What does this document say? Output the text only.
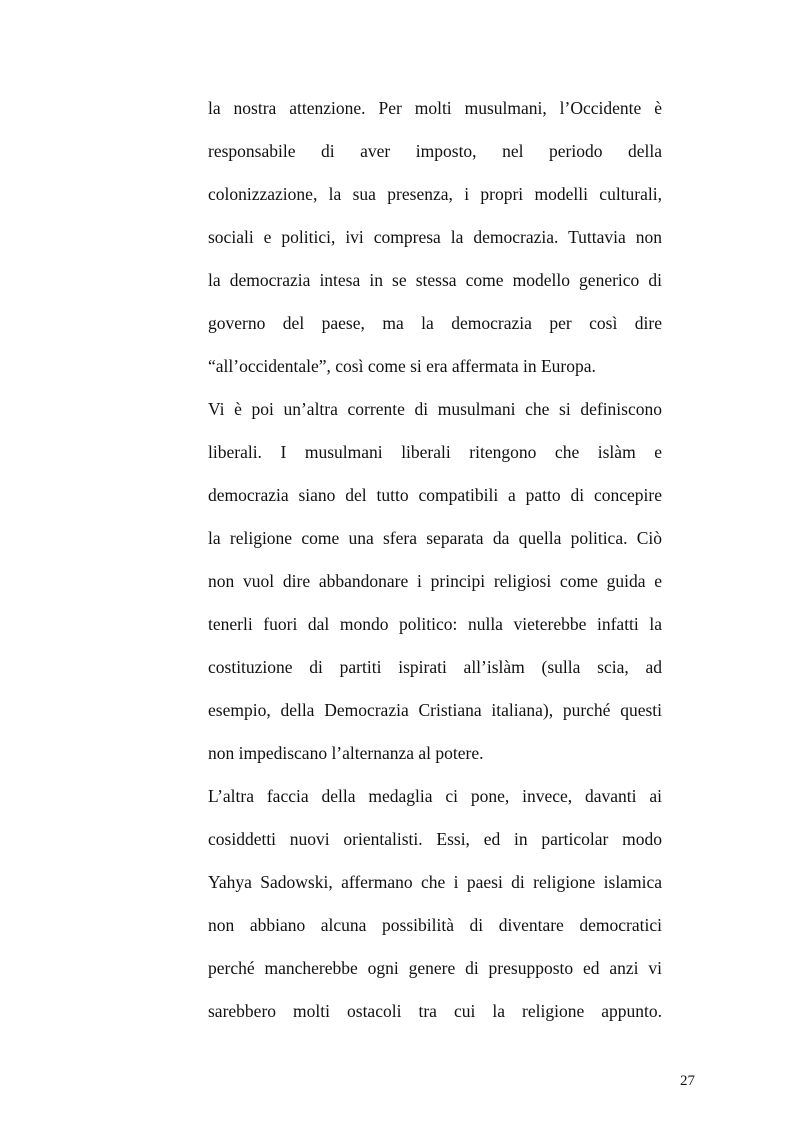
la nostra attenzione. Per molti musulmani, l’Occidente è
responsabile di aver imposto, nel periodo della
colonizzazione, la sua presenza, i propri modelli culturali,
sociali e politici, ivi compresa la democrazia. Tuttavia non
la democrazia intesa in se stessa come modello generico di
governo del paese, ma la democrazia per così dire
“all’occidentale”, così come si era affermata in Europa.
Vi è poi un’altra corrente di musulmani che si definiscono
liberali. I musulmani liberali ritengono che islàm e
democrazia siano del tutto compatibili a patto di concepire
la religione come una sfera separata da quella politica. Ciò
non vuol dire abbandonare i principi religiosi come guida e
tenerli fuori dal mondo politico: nulla vieterebbe infatti la
costituzione di partiti ispirati all’islàm (sulla scia, ad
esempio, della Democrazia Cristiana italiana), purché questi
non impediscano l’alternanza al potere.
L’altra faccia della medaglia ci pone, invece, davanti ai
cosiddetti nuovi orientalisti. Essi, ed in particolar modo
Yahya Sadowski, affermano che i paesi di religione islamica
non abbiano alcuna possibilità di diventare democratici
perché mancherebbe ogni genere di presupposto ed anzi vi
sarebbero molti ostacoli tra cui la religione appunto.
27
